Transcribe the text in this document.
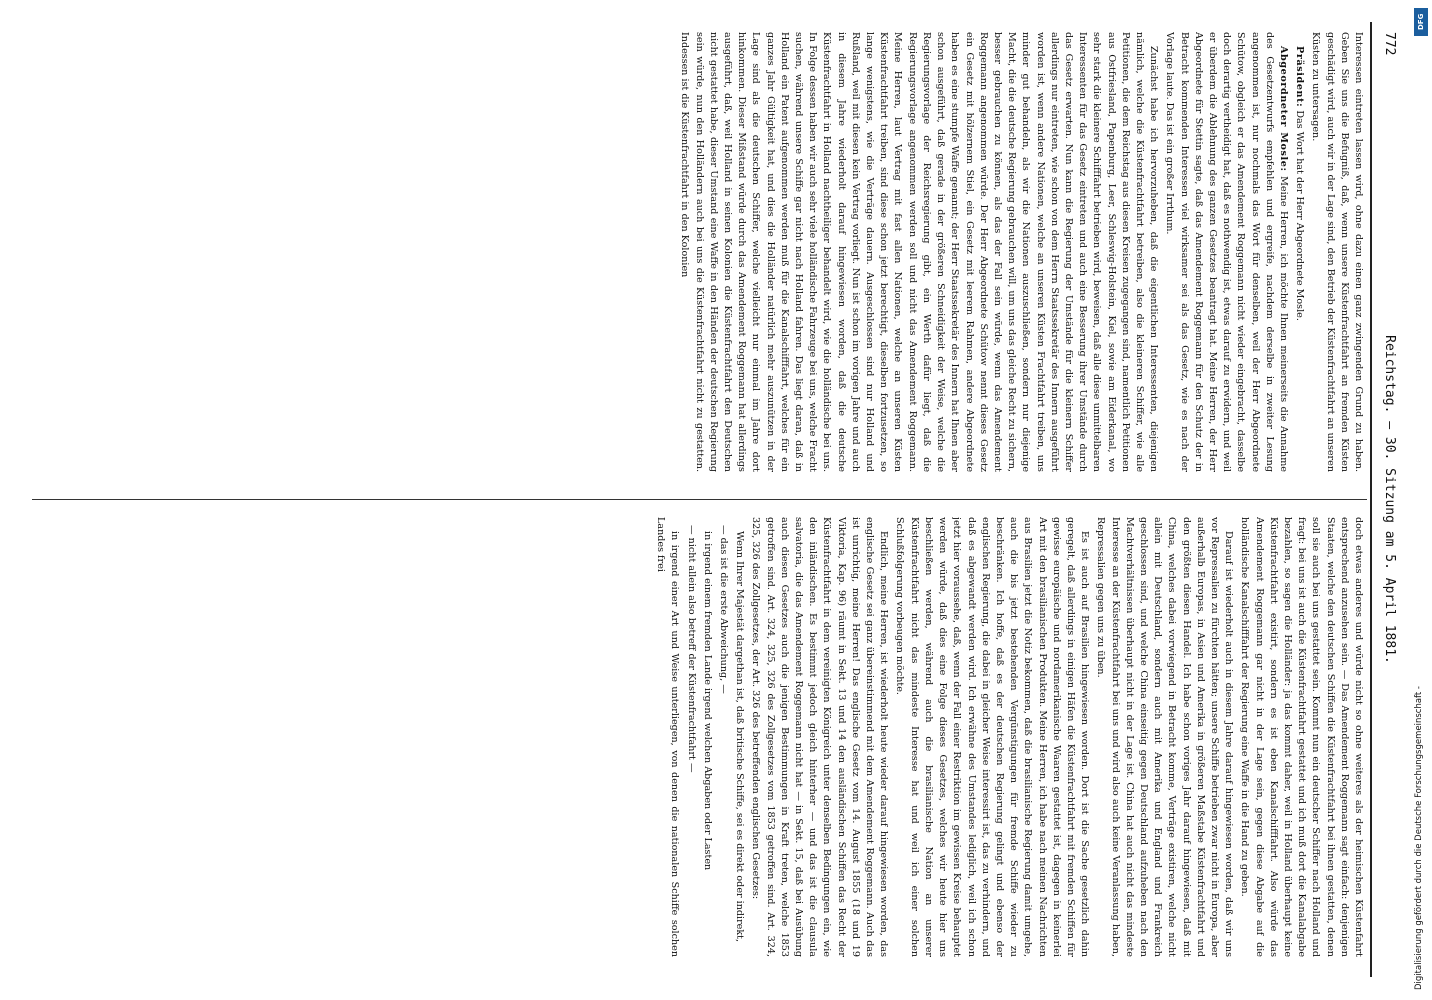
772
Reichstag. — 30. Sitzung am 5. April 1881.

Interessen eintreten lassen wird, ohne dazu einen ganz zwingenden Grund zu haben. Geben Sie uns die Befugniß, daß, wenn unsere Küstenfrachtfahrt an fremden Küsten geschädigt wird, auch wir in der Lage sind, den Betrieb der Küstenfrachtfahrt an unseren Küsten zu untersagen.

Präsident: Das Wort hat der Herr Abgeordnete Mosle.

Abgeordneter Mosle: Meine Herren, ich möchte Ihnen meinerseits die Annahme des Gesetzentwurfs empfehlen und ergreife, nachdem derselbe in zweiter Lesung angenommen ist, nur nochmals das Wort für denselben, weil der Herr Abgeordnete Schütow, obgleich er das Amendement Roggemann nicht wieder eingebracht, dasselbe doch derartig vertheidigt hat, daß es nothwendig ist, etwas darauf zu erwidern, und weil er überdem die Ablehnung des ganzen Gesetzes beantragt hat. Meine Herren, der Herr Abgeordnete für Stettin sagte, daß das Amendement Roggemann für den Schutz der in Betracht kommenden Interessen viel wirksamer sei als das Gesetz, wie es nach der Vorlage laute. Das ist ein großer Irrthum.

Zunächst habe ich hervorzuheben, daß die eigentlichen Interessenten, diejenigen nämlich, welche die Küstenfrachtfahrt betreiben, also die kleineren Schiffer, wie alle Petitionen, die dem Reichstag aus diesen Kreisen zugegangen sind, namentlich Petitionen aus Ostfriesland, Papenburg, Leer, Schleswig-Holstein, Kiel, sowie am Eiderkanal, wo sehr stark die kleinere Schifffahrt betrieben wird, beweisen, daß alle diese unmittelbaren Interessenten für das Gesetz eintreten und auch eine Besserung ihrer Umstände durch das Gesetz erwarten. Nun kann die Regierung der Umstände für die kleinern Schiffer allerdings nur eintreten, wie schon von dem Herrn Staatssekretär des Innern ausgeführt worden ist, wenn andere Nationen, welche an unseren Küsten Frachtfahrt treiben, uns minder gut behandeln, als wir die Nationen auszuschließen, sondern nur diejenige Macht, die die deutsche Regierung gebrauchen will, um uns das gleiche Recht zu sichern, besser gebrauchen zu können, als das der Fall sein würde, wenn das Amendement Roggemann angenommen würde. Der Herr Abgeordnete Schütow nennt dieses Gesetz ein Gesetz mit hölzernem Stiel, ein Gesetz mit leerem Rahmen, andere Abgeordnete haben es eine stumpfe Waffe genannt; der Herr Staatssekretär des Innern hat Ihnen aber schon ausgeführt, daß gerade in der größeren Schneidigkeit der Weise, welche die Regierungsvorlage der Reichsregierung gibt, ein Werth dafür liegt, daß die Regierungsvorlage angenommen werden soll und nicht das Amendement Roggemann. Meine Herren, laut Vertrag mit fast allen Nationen, welche an unseren Küsten Küstenfrachtfahrt treiben, sind diese schon jetzt berechtigt, dieselben fortzusetzen, so lange wenigstens, wie die Verträge dauern. Ausgeschlossen sind nur Holland und Rußland, weil mit diesen kein Vertrag vorliegt. Nun ist schon im vorigen Jahre und auch in diesem Jahre wiederholt darauf hingewiesen worden, daß die deutsche Küstenfrachtfahrt in Holland nachtheiliger behandelt wird, wie die holländische bei uns. In Folge dessen haben wir auch sehr viele holländische Fahrzeuge bei uns, welche Fracht suchen, während unsere Schiffe gar nicht nach Holland fahren. Das liegt daran, daß in Holland ein Patent aufgenommen werden muß für die Kanalschifffahrt, welches für ein ganzes Jahr Gültigkeit hat, und dies die Holländer natürlich mehr auszunützen in der Lage sind als die deutschen Schiffer, welche vielleicht nur einmal im Jahre dort hinkommen. Dieser Mißstand würde durch das Amendement Roggemann hat allerdings ausgeführt, daß, weil Holland in seinen Kolonien die Küstenfrachtfahrt den Deutschen nicht gestattet habe, dieser Umstand eine Waffe in den Händen der deutschen Regierung sein würde, nun den Holländern auch bei uns die Küstenfrachtfahrt nicht zu gestatten. Indessen ist die Küstenfrachtfahrt in den Kolonien

doch etwas anderes und würde nicht so ohne weiteres als der heimischen Küstenfahrt entsprechend anzusehen sein. — Das Amendement Roggemann sagt einfach: denjenigen Staaten, welche den deutschen Schiffen die Küstenfrachtfahrt bei ihnen gestatten, denen soll sie auch bei uns gestattet sein. Kommt nun ein deutscher Schiffer nach Holland und fragt: bei uns ist auch die Küstenfrachtfahrt gestattet und ich muß dort die Kanalabgabe bezahlen, so sagen die Holländer: ja das kommt daher, weil in Holland überhaupt keine Küstenfrachtfahrt existirt, sondern es ist eben Kanalschifffahrt. Also würde das Amendement Roggemann gar nicht in der Lage sein, gegen diese Abgabe auf die holländische Kanalschifffahrt der Regierung eine Waffe in die Hand zu geben.

Darauf ist wiederholt auch in diesem Jahre darauf hingewiesen worden, daß wir uns vor Repressalien zu fürchten hätten; unsere Schiffe betrieben zwar nicht in Europa, aber außerhalb Europas, in Asien und Amerika in größeren Maßstabe Küstenfrachtfahrt und den größten diesen Handel. Ich habe schon voriges Jahr darauf hingewiesen, daß mit China, welches dabei vorwiegend in Betracht komme, Verträge existiren, welche nicht allein mit Deutschland, sondern auch mit Amerika und England und Frankreich geschlossen sind, und welche China einseitig gegen Deutschland aufzuheben nach den Machtverhältnissen überhaupt nicht in der Lage ist. China hat auch nicht das mindeste Interesse an der Küstenfrachtfahrt bei uns und wird also auch keine Veranlassung haben, Repressalien gegen uns zu üben.

Es ist auch auf Brasilien hingewiesen worden. Dort ist die Sache gesetzlich dahin geregelt, daß allerdings in einigen Häfen die Küstenfrachtfahrt mit fremden Schiffen für gewisse europäische und nordamerikanische Waaren gestattet ist, dagegen in keinerlei Art mit den brasilianischen Produkten. Meine Herren, ich habe nach meinen Nachrichten aus Brasilien jetzt die Notiz bekommen, daß die brasilianische Regierung damit umgehe, auch die bis jetzt bestehenden Vergünstigungen für fremde Schiffe wieder zu beschränken. Ich hoffe, daß es der deutschen Regierung gelingt und ebenso der englischen Regierung, die dabei in gleicher Weise interessirt ist, das zu verhindern, und daß es abgewandt werden wird. Ich erwähne des Umstandes lediglich, weil ich schon jetzt hier voraussehe, daß, wenn der Fall einer Restriktion im gewissen Kreise behauptet werden würde, daß dies eine Folge dieses Gesetzes, welches wir heute hier uns beschließen werden, während auch die brasilianische Nation an unserer Küstenfrachtfahrt nicht das mindeste Interesse hat und weil ich einer solchen Schlußfolgerung vorbeugen möchte.

Endlich, meine Herren, ist wiederholt heute wieder darauf hingewiesen worden, das englische Gesetz sei ganz übereinstimmend mit dem Amendement Roggemann. Auch das ist unrichtig, meine Herren! Das englische Gesetz vom 14. August 1855 (18 und 19 Viktoria, Kap. 96) räumt in Sekt. 13 und 14 den ausländischen Schiffen das Recht der Küstenfrachtfahrt in dem vereinigten Königreich unter denselben Bedingungen ein, wie den inländischen. Es bestimmt jedoch gleich hinterher — und das ist die clausula salvatoria, die das Amendement Roggemann nicht hat — in Sekt. 15, daß bei Ausübung auch diesen Gesetzes auch die jenigen Bestimmungen in Kraft treten, welche 1853 getroffen sind. Art. 324, 325, 326 des Zollgesetzes vom 1853 getroffen sind. Art. 324, 325, 326 des Zollgesetzes, der Art. 326 des betreffenden englischen Gesetzes:

Wenn Ihrer Majestät dargethan ist, daß britische Schiffe, sei es direkt oder indirekt,

— das ist die erste Abweichung, —

in irgend einem fremden Lande irgend welchen Abgaben oder Lasten

— nicht allein also betreff der Küstenfrachtfahrt —

in irgend einer Art und Weise unterliegen, von denen die nationalen Schiffe solchen Landes frei

DFG
Digitalisierung gefördert durch die Deutsche Forschungsgemeinschaft -
